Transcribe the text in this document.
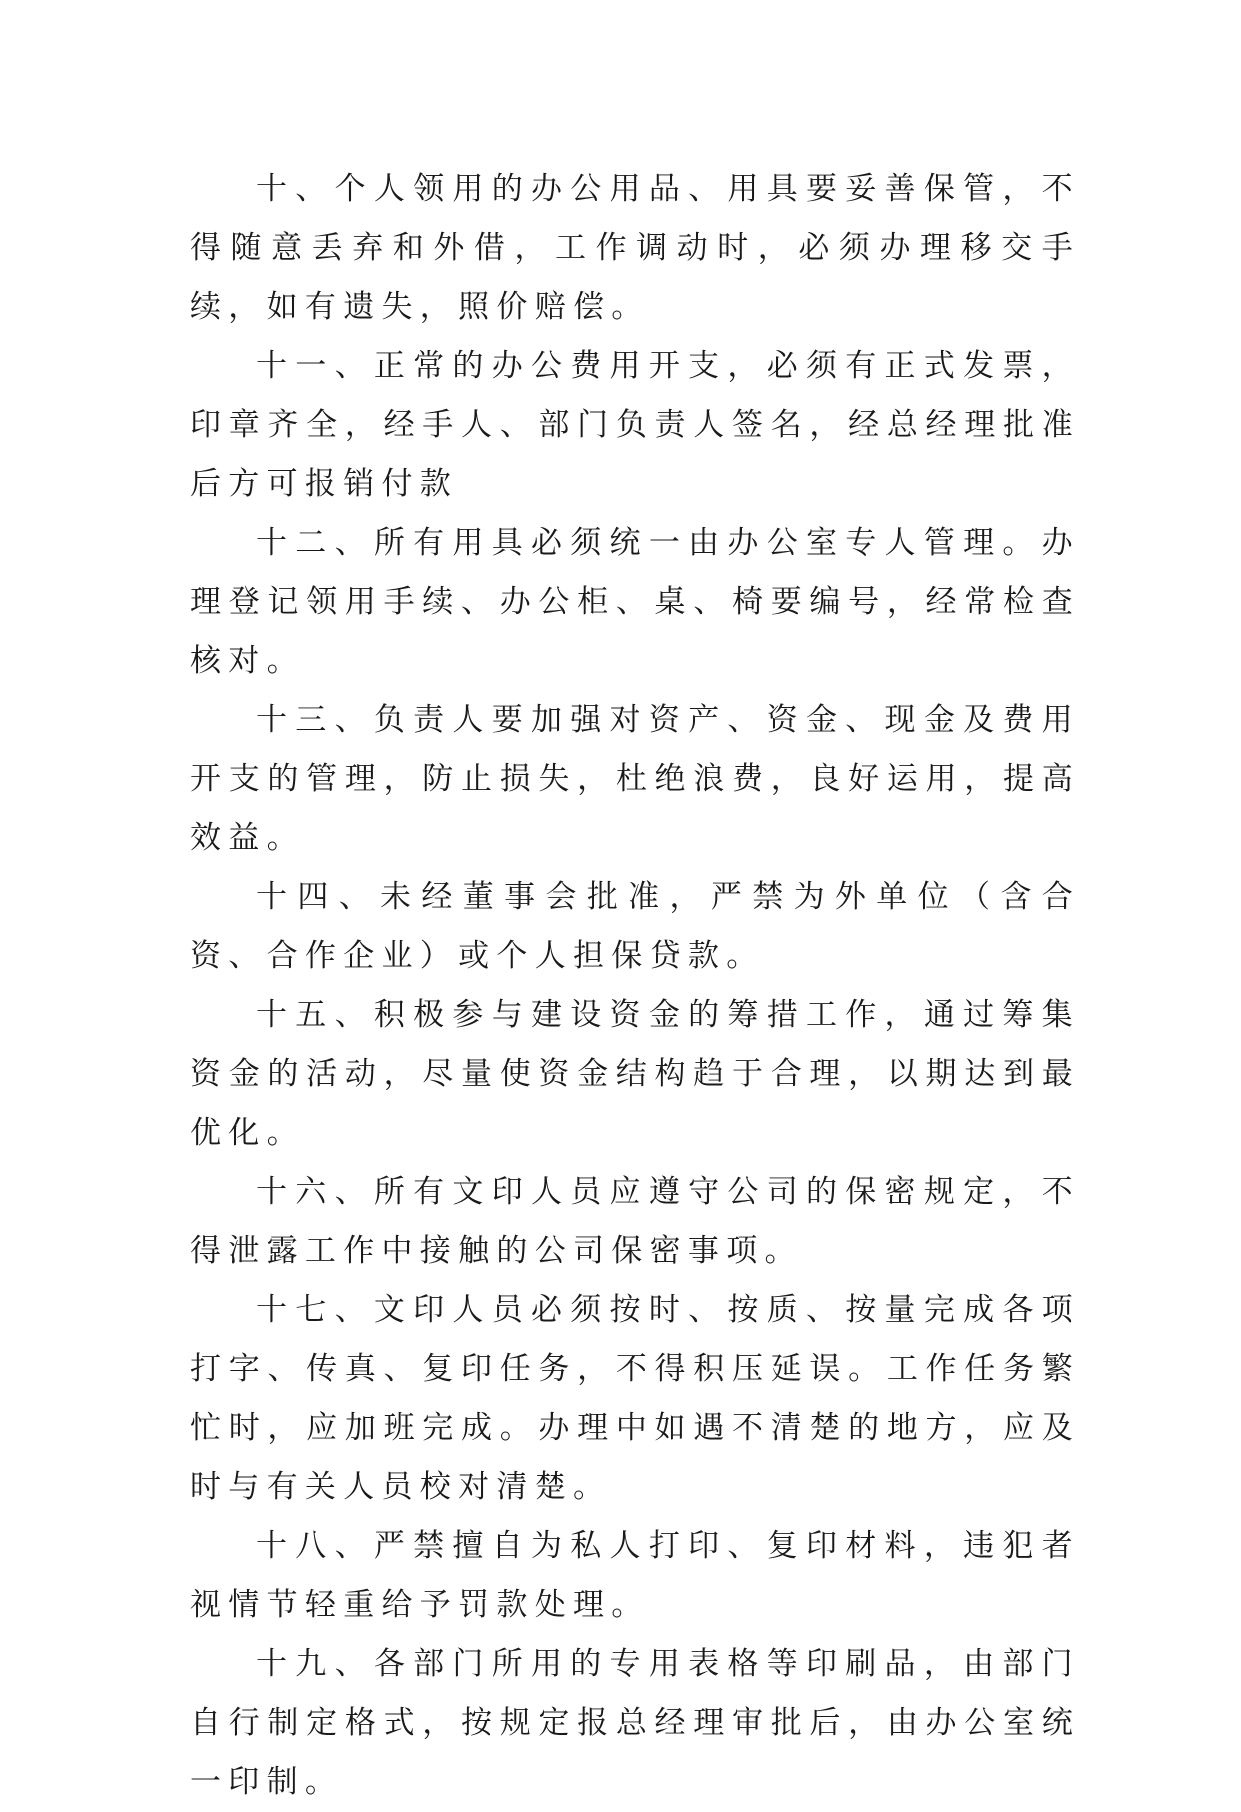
十、个人领用的办公用品、用具要妥善保管，不得随意丢弃和外借，工作调动时，必须办理移交手续，如有遗失，照价赔偿。

十一、正常的办公费用开支，必须有正式发票，印章齐全，经手人、部门负责人签名，经总经理批准后方可报销付款

十二、所有用具必须统一由办公室专人管理。办理登记领用手续、办公柜、桌、椅要编号，经常检查核对。

十三、负责人要加强对资产、资金、现金及费用开支的管理，防止损失，杜绝浪费，良好运用，提高效益。

十四、未经董事会批准，严禁为外单位（含合资、合作企业）或个人担保贷款。

十五、积极参与建设资金的筹措工作，通过筹集资金的活动，尽量使资金结构趋于合理，以期达到最优化。

十六、所有文印人员应遵守公司的保密规定，不得泄露工作中接触的公司保密事项。

十七、文印人员必须按时、按质、按量完成各项打字、传真、复印任务，不得积压延误。工作任务繁忙时，应加班完成。办理中如遇不清楚的地方，应及时与有关人员校对清楚。

十八、严禁擅自为私人打印、复印材料，违犯者视情节轻重给予罚款处理。

十九、各部门所用的专用表格等印刷品，由部门自行制定格式，按规定报总经理审批后，由办公室统一印制。
